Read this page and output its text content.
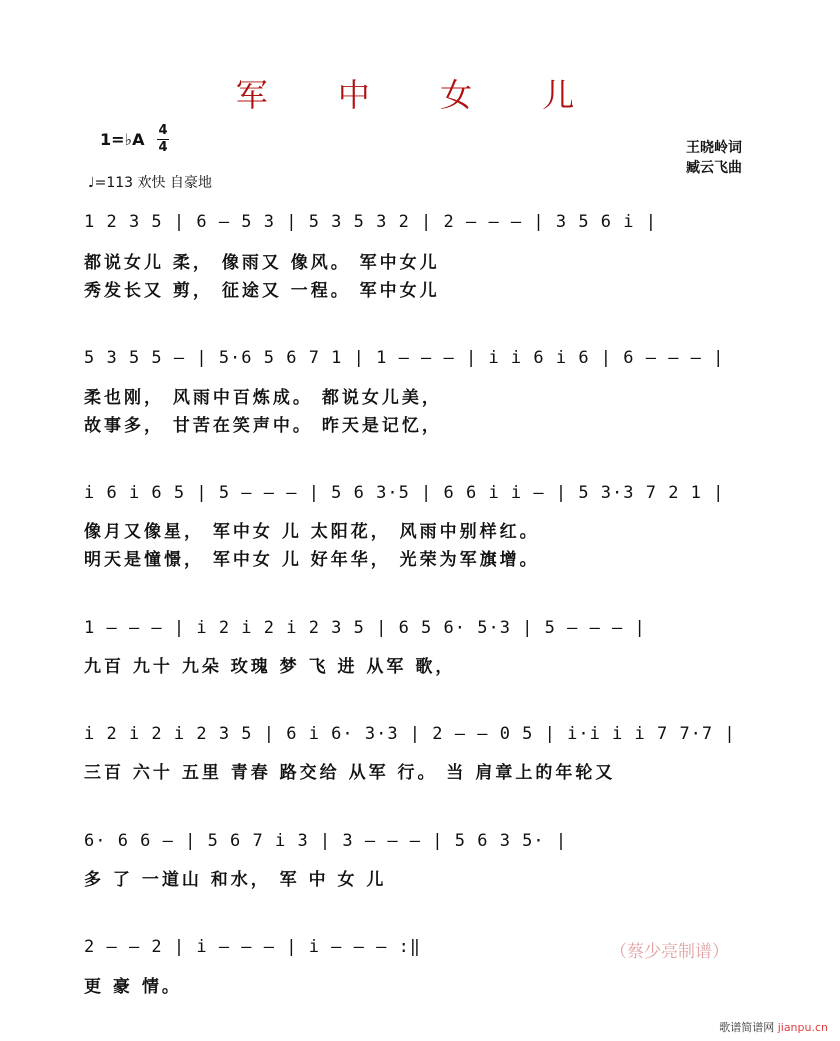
军 中 女 儿
1=♭A 4
4
♩=113 欢快 自豪地
王晓岭词
臧云飞曲
1 2 3 5 | 6 – 5 3 | 5 3 5 3 2 | 2 – – – | 3 5 6 i |
都说女儿 柔， 像雨又 像风。 军中女儿
秀发长又 剪， 征途又 一程。 军中女儿
5 3 5 5 – | 5·6 5 6 7 1 | 1 – – – | i i 6 i 6 | 6 – – – |
柔也刚， 风雨中百炼成。 都说女儿美，
故事多， 甘苦在笑声中。 昨天是记忆，
i 6 i 6 5 | 5 – – – | 5 6 3·5 | 6 6 i i – | 5 3·3 7 2 1 |
像月又像星， 军中女 儿 太阳花， 风雨中别样红。
明天是憧憬， 军中女 儿 好年华， 光荣为军旗增。
1 – – – | i 2 i 2 i 2 3 5 | 6 5 6· 5·3 | 5 – – – |
九百 九十 九朵 玫瑰 梦 飞 进 从军 歌，
i 2 i 2 i 2 3 5 | 6 i 6· 3·3 | 2 – – 0 5 | i·i i i 7 7·7 |
三百 六十 五里 青春 路交给 从军 行。 当 肩章上的年轮又
6· 6 6 – | 5 6 7 i 3 | 3 – – – | 5 6 3 5· |
多 了 一道山 和水， 军 中 女 儿
2 – – 2 | i – – – | i – – – :‖
更 豪 情。
（蔡少亮制谱）
歌谱简谱网 jianpu.cn
